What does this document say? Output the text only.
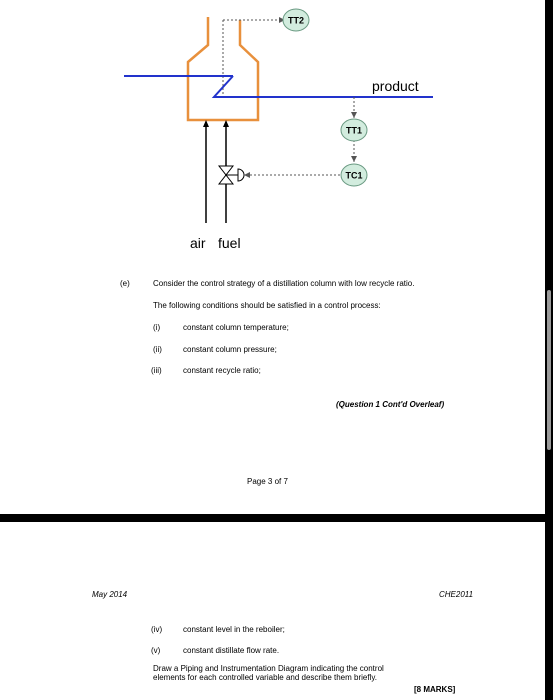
TT2
TT1
TC1
product
air fuel
(e)	Consider the control strategy of a distillation column with low recycle ratio.
The following conditions should be satisfied in a control process:
(i)	constant column temperature;
(ii)	constant column pressure;
(iii)	constant recycle ratio;
(Question 1 Cont'd Overleaf)
Page 3 of 7
May 2014	CHE2011
(iv)	constant level in the reboiler;
(v)	constant distillate flow rate.
Draw a Piping and Instrumentation Diagram indicating the control
elements for each controlled variable and describe them briefly.
[8 MARKS]
